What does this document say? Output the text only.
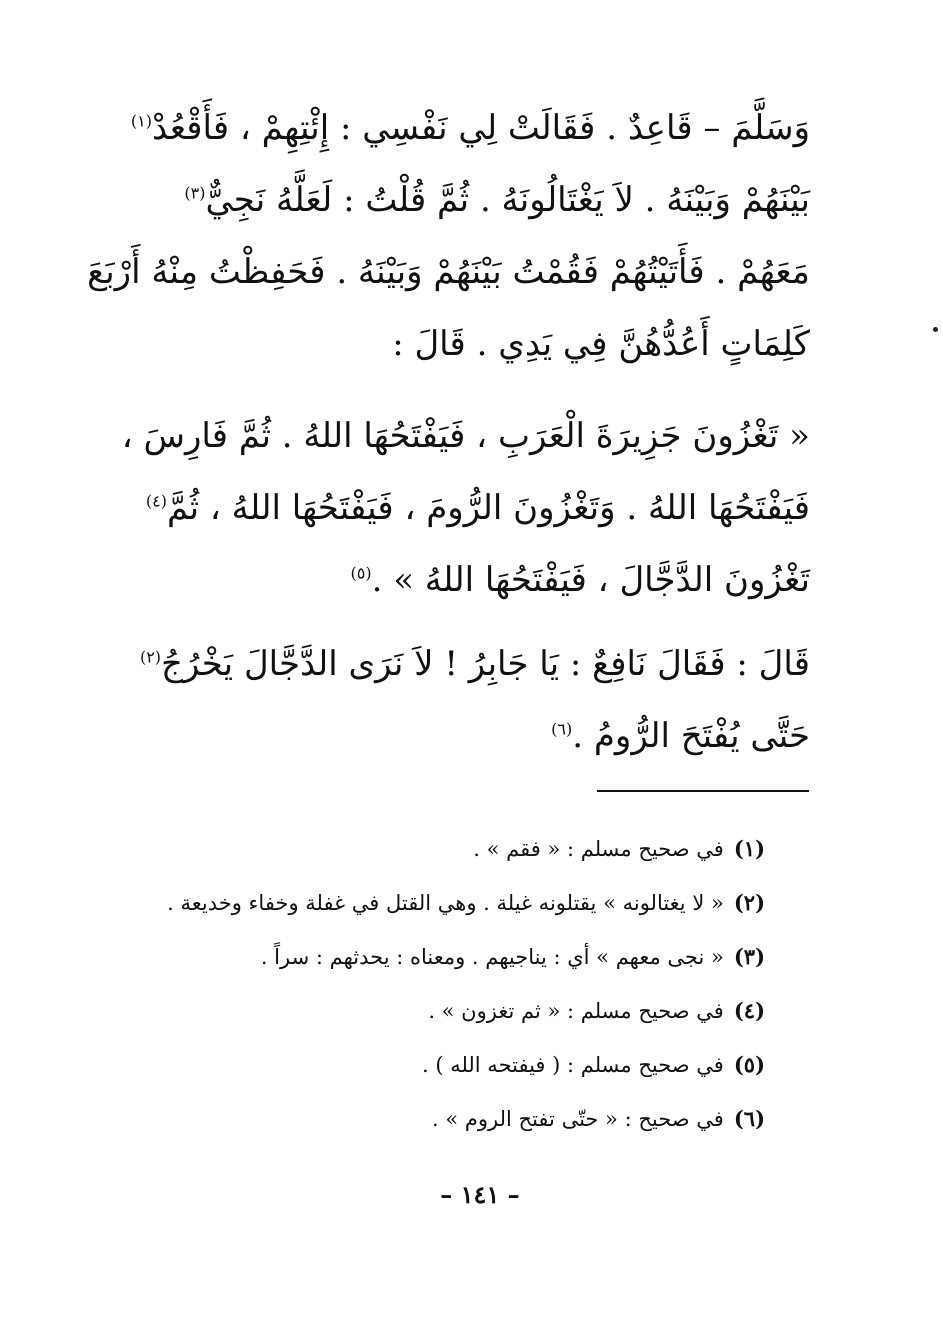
وَسَلَّمَ – قَاعِدٌ . فَقَالَتْ لِي نَفْسِي : إِئْتِهِمْ ، فَأَقْعُدْ$^{(١)}$
بَيْنَهُمْ وَبَيْنَهُ . لاَ يَغْتَالُونَهُ . ثُمَّ قُلْتُ : لَعَلَّهُ نَجِيٌّ$^{(٣)}$
مَعَهُمْ . فَأَتَيْتُهُمْ فَقُمْتُ بَيْنَهُمْ وَبَيْنَهُ . فَحَفِظْتُ مِنْهُ أَرْبَعَ
كَلِمَاتٍ أَعُدُّهُنَّ فِي يَدِي . قَالَ :
« تَغْزُونَ جَزِيرَةَ الْعَرَبِ ، فَيَفْتَحُهَا اللهُ . ثُمَّ فَارِسَ ،
فَيَفْتَحُهَا اللهُ . وَتَغْزُونَ الرُّومَ ، فَيَفْتَحُهَا اللهُ ، ثُمَّ$^{(٤)}$
تَغْزُونَ الدَّجَّالَ ، فَيَفْتَحُهَا اللهُ » .$^{(٥)}$
قَالَ : فَقَالَ نَافِعٌ : يَا جَابِرُ ! لاَ نَرَى الدَّجَّالَ يَخْرُجُ$^{(٢)}$
حَتَّى يُفْتَحَ الرُّومُ .$^{(٦)}$
(١)في صحيح مسلم : « فقم » .
(٢)« لا يغتالونه » يقتلونه غيلة . وهي القتل في غفلة وخفاء وخديعة .
(٣)« نجى معهم » أي : يناجيهم . ومعناه : يحدثهم : سراً .
(٤)في صحيح مسلم : « ثم تغزون » .
(٥)في صحيح مسلم : ( فيفتحه الله ) .
(٦)في صحيح : « حتّى تفتح الروم » .
– ١٤١ –
